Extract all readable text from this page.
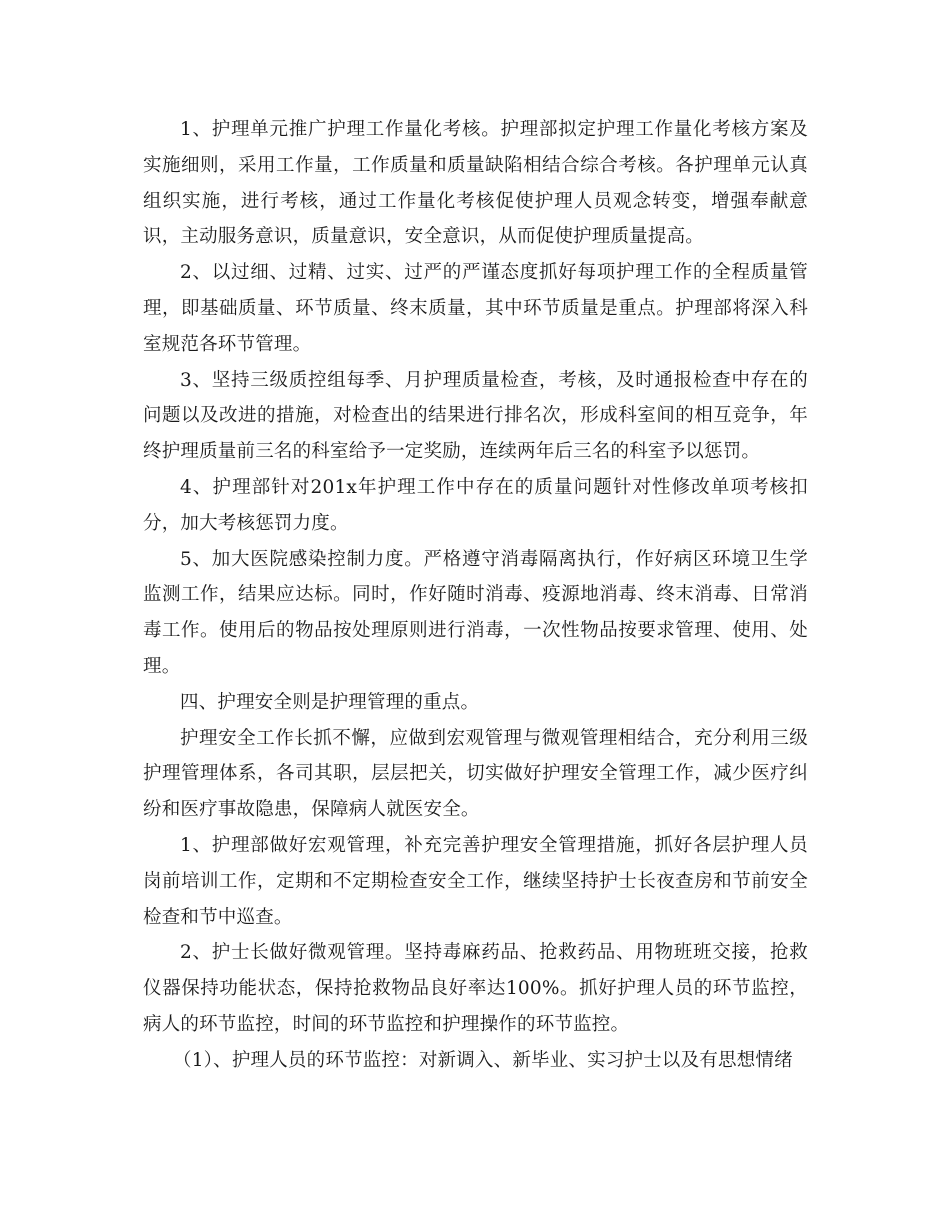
1、护理单元推广护理工作量化考核。护理部拟定护理工作量化考核方案及实施细则，采用工作量，工作质量和质量缺陷相结合综合考核。各护理单元认真组织实施，进行考核，通过工作量化考核促使护理人员观念转变，增强奉献意识，主动服务意识，质量意识，安全意识，从而促使护理质量提高。

2、以过细、过精、过实、过严的严谨态度抓好每项护理工作的全程质量管理，即基础质量、环节质量、终末质量，其中环节质量是重点。护理部将深入科室规范各环节管理。

3、坚持三级质控组每季、月护理质量检查，考核，及时通报检查中存在的问题以及改进的措施，对检查出的结果进行排名次，形成科室间的相互竞争，年终护理质量前三名的科室给予一定奖励，连续两年后三名的科室予以惩罚。

4、护理部针对201x年护理工作中存在的质量问题针对性修改单项考核扣分，加大考核惩罚力度。

5、加大医院感染控制力度。严格遵守消毒隔离执行，作好病区环境卫生学监测工作，结果应达标。同时，作好随时消毒、疫源地消毒、终末消毒、日常消毒工作。使用后的物品按处理原则进行消毒，一次性物品按要求管理、使用、处理。

四、护理安全则是护理管理的重点。

护理安全工作长抓不懈，应做到宏观管理与微观管理相结合，充分利用三级护理管理体系，各司其职，层层把关，切实做好护理安全管理工作，减少医疗纠纷和医疗事故隐患，保障病人就医安全。

1、护理部做好宏观管理，补充完善护理安全管理措施，抓好各层护理人员岗前培训工作，定期和不定期检查安全工作，继续坚持护士长夜查房和节前安全检查和节中巡查。

2、护士长做好微观管理。坚持毒麻药品、抢救药品、用物班班交接，抢救仪器保持功能状态，保持抢救物品良好率达100%。抓好护理人员的环节监控，病人的环节监控，时间的环节监控和护理操作的环节监控。

（1）、护理人员的环节监控：对新调入、新毕业、实习护士以及有思想情绪
